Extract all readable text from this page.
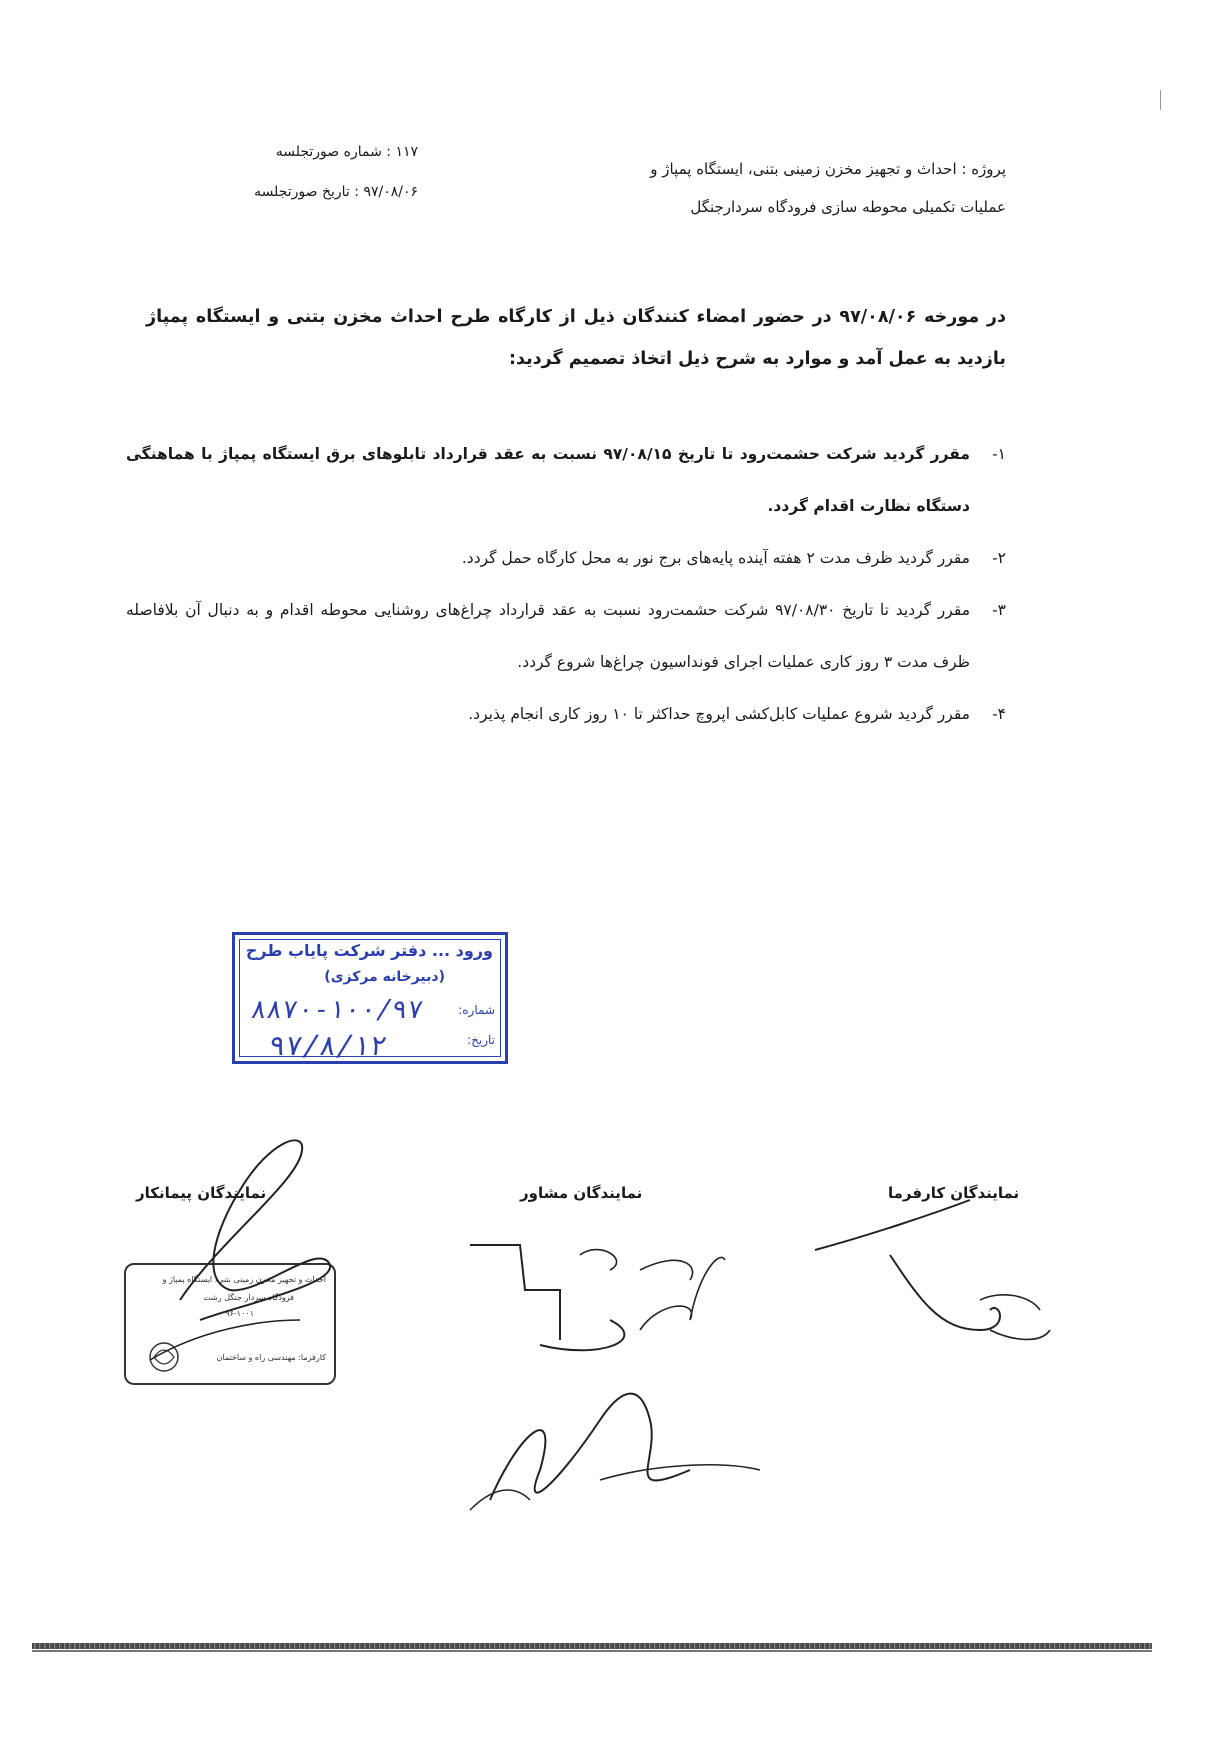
پروژه : احداث و تجهیز مخزن زمینی بتنی، ایستگاه پمپاژ و
عملیات تکمیلی محوطه سازی فرودگاه سردارجنگل
۱۱۷ : شماره صورتجلسه
۹۷/۰۸/۰۶ : تاریخ صورتجلسه
در مورخه ۹۷/۰۸/۰۶ در حضور امضاء کنندگان ذیل از کارگاه طرح احداث مخزن بتنی و ایستگاه پمپاژ بازدید به عمل آمد و موارد به شرح ذیل اتخاذ تصمیم گردید:
۱-
مقرر گردید شرکت حشمت‌رود تا تاریخ ۹۷/۰۸/۱۵ نسبت به عقد قرارداد تابلوهای برق ایستگاه پمپاژ با هماهنگی دستگاه نظارت اقدام گردد.
۲-
مقرر گردید ظرف مدت ۲ هفته آینده پایه‌های برج نور به محل کارگاه حمل گردد.
۳-
مقرر گردید تا تاریخ ۹۷/۰۸/۳۰ شرکت حشمت‌رود نسبت به عقد قرارداد چراغ‌های روشنایی محوطه اقدام و به دنبال آن بلافاصله ظرف مدت ۳ روز کاری عملیات اجرای فونداسیون چراغ‌ها شروع گردد.
۴-
مقرر گردید شروع عملیات کابل‌کشی اپروچ حداکثر تا ۱۰ روز کاری انجام پذیرد.
ورود ... دفتر شرکت پایاب طرح
(دبیرخانه مرکزی)
شماره:
تاریخ:
١٠٠/٩٧-٨٨٧٠
٩٧/٨/١٢
نمایندگان پیمانکار	نمایندگان مشاور	نمایندگان کارفرما
احداث و تجهیز مخزن زمینی بتنی، ایستگاه پمپاژ و
فرودگاه سردار جنگل رشت
۹۶-۱۰۰۱
کارفرما: مهندسی راه و ساختمان
